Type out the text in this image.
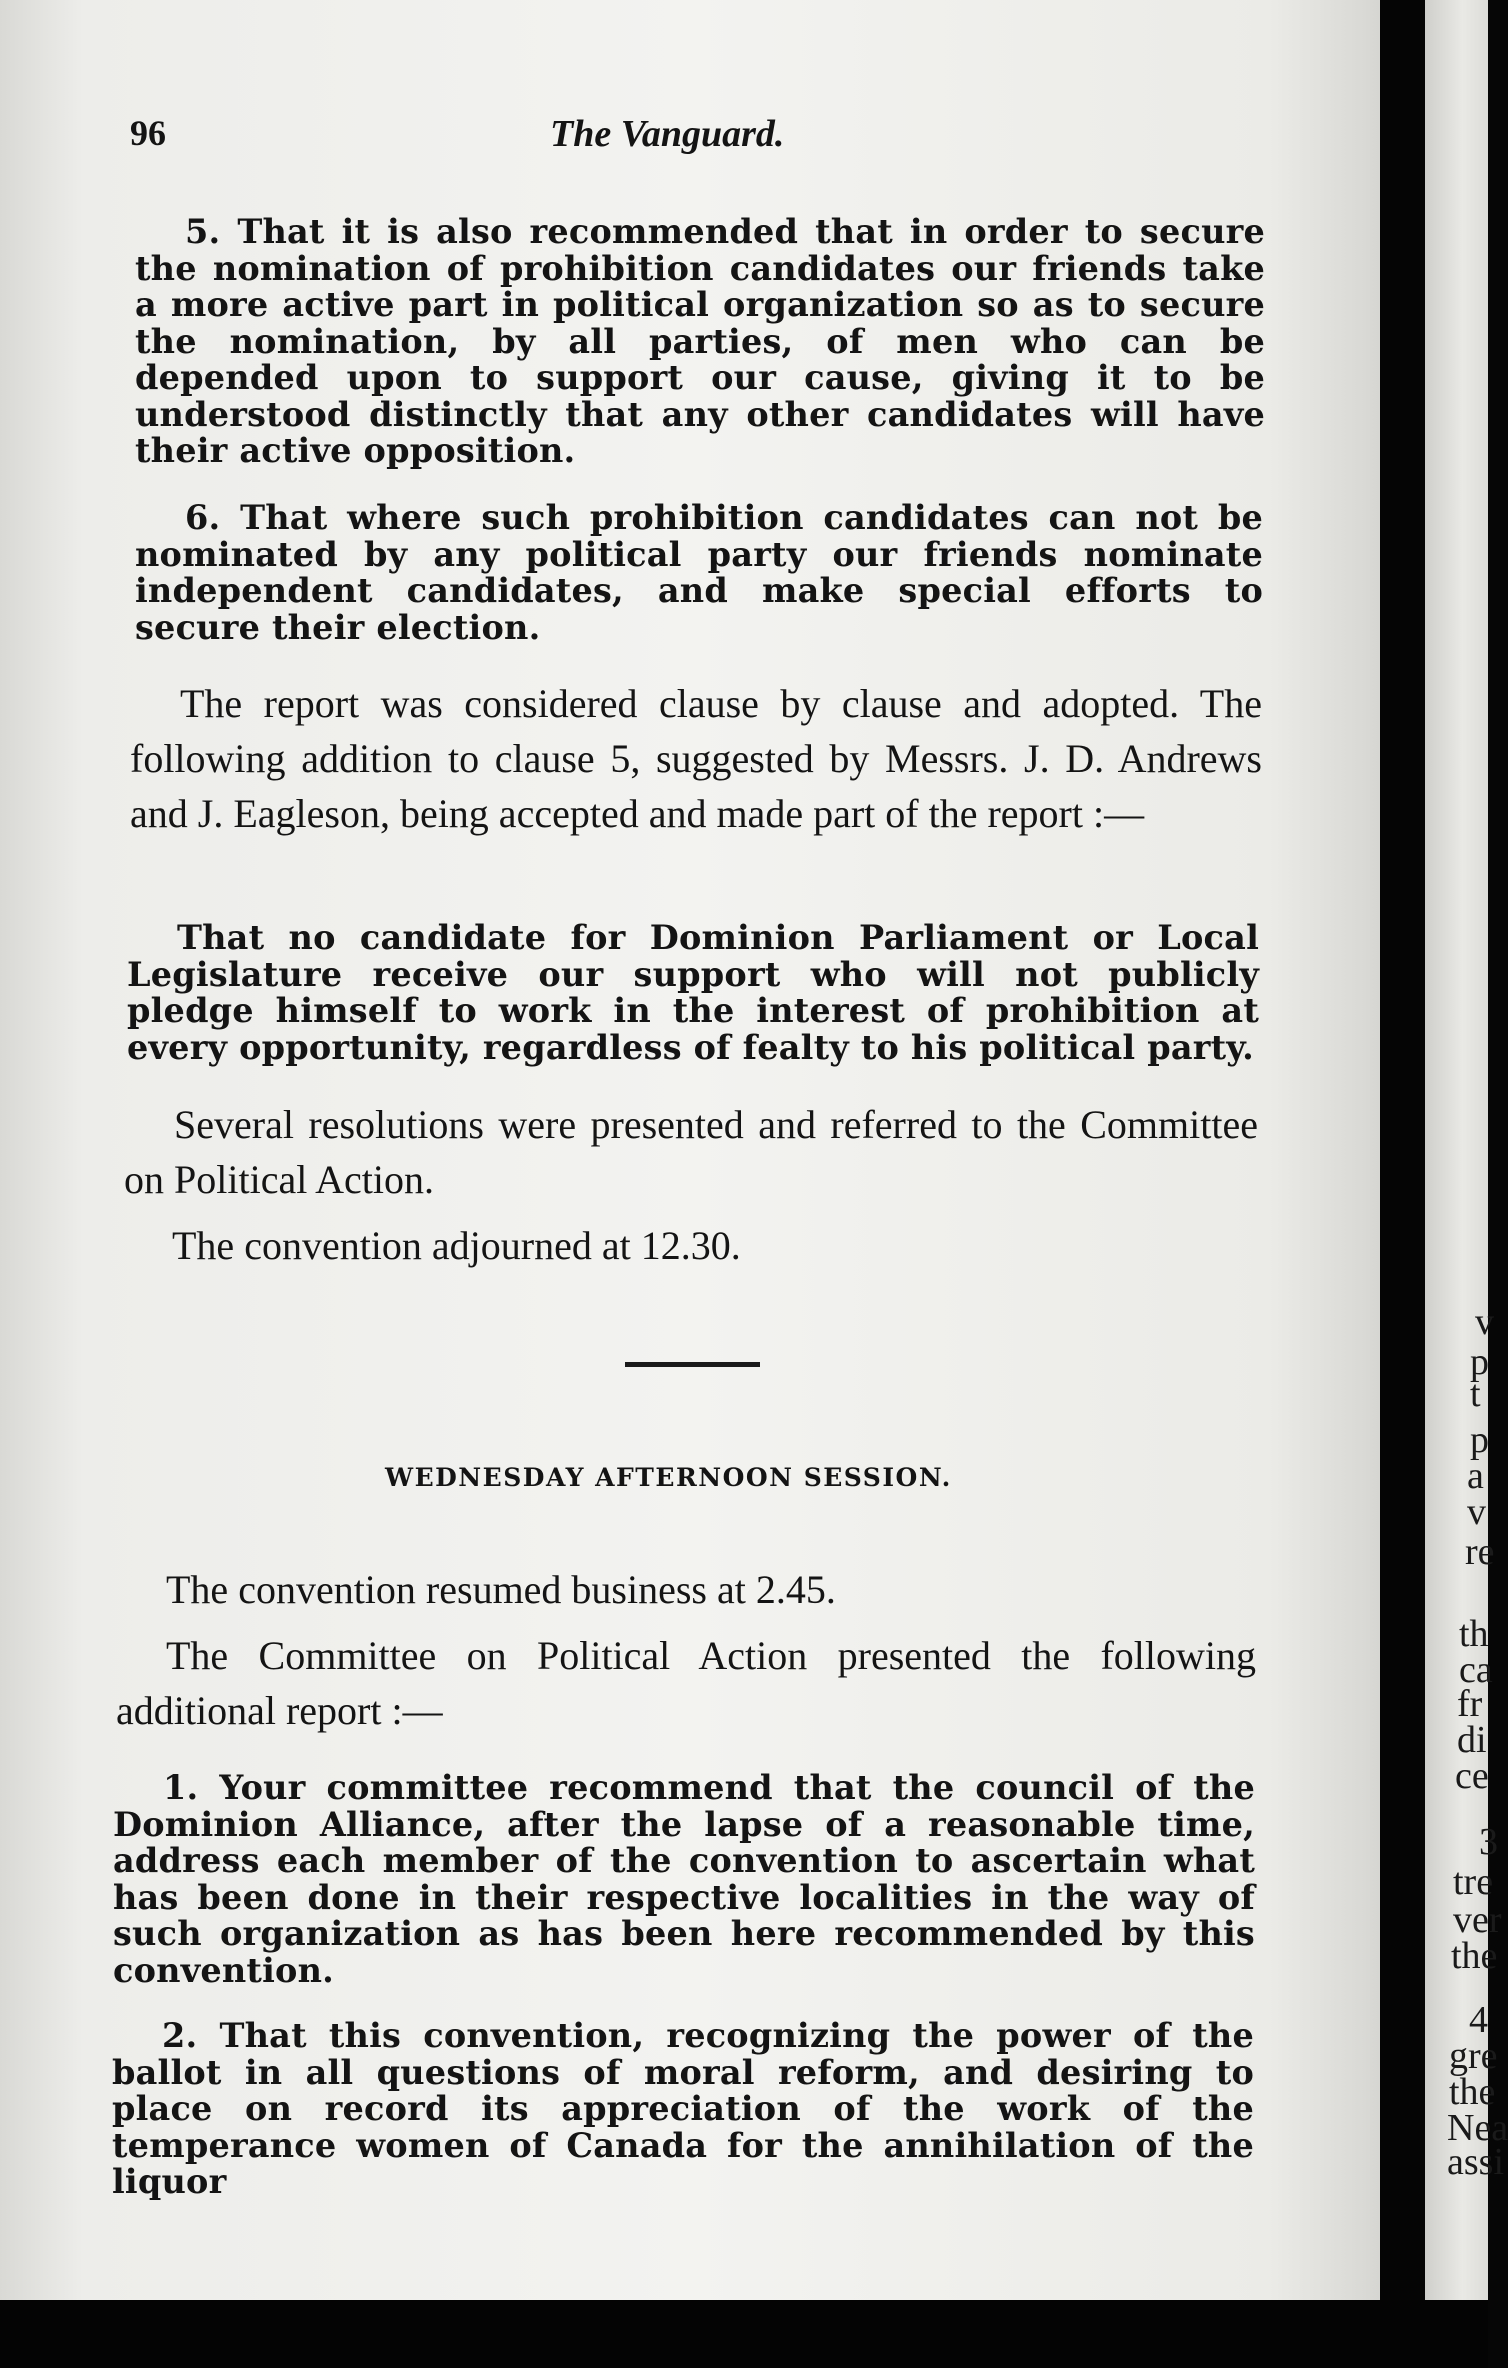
96	The Vanguard.

5. That it is also recommended that in order to secure the nomination of prohibition candidates our friends take a more active part in political organization so as to secure the nomination, by all parties, of men who can be depended upon to support our cause, giving it to be understood distinctly that any other candidates will have their active opposition.

6. That where such prohibition candidates can not be nominated by any political party our friends nominate independent candidates, and make special efforts to secure their election.

The report was considered clause by clause and adopted. The following addition to clause 5, suggested by Messrs. J. D. Andrews and J. Eagleson, being accepted and made part of the report :—

That no candidate for Dominion Parliament or Local Legislature receive our support who will not publicly pledge himself to work in the interest of prohibition at every opportunity, regardless of fealty to his political party.

Several resolutions were presented and referred to the Committee on Political Action.

The convention adjourned at 12.30.

WEDNESDAY AFTERNOON SESSION.

The convention resumed business at 2.45.

The Committee on Political Action presented the following additional report :—

1. Your committee recommend that the council of the Dominion Alliance, after the lapse of a reasonable time, address each member of the convention to ascertain what has been done in their respective localities in the way of such organization as has been here recommended by this convention.

2. That this convention, recognizing the power of the ballot in all questions of moral reform, and desiring to place on record its appreciation of the work of the temperance women of Canada for the annihilation of the liquor

v
p
t
p
a
v
re
th
ca
fr
di
ce
3
tre
ver
the
4
gre
the
Nea
assi
